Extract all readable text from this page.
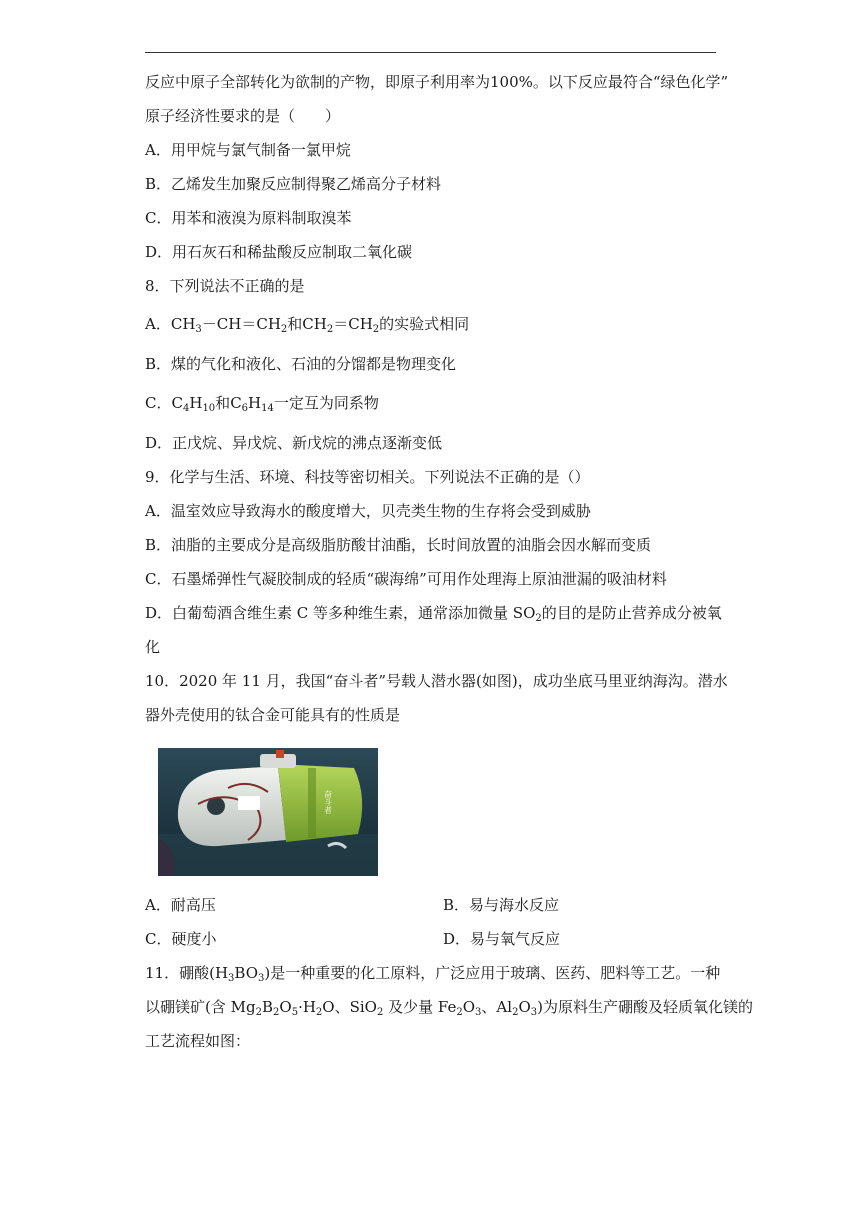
反应中原子全部转化为欲制的产物，即原子利用率为100%。以下反应最符合“绿色化学”
原子经济性要求的是（　　）
A．用甲烷与氯气制备一氯甲烷
B．乙烯发生加聚反应制得聚乙烯高分子材料
C．用苯和液溴为原料制取溴苯
D．用石灰石和稀盐酸反应制取二氧化碳
8．下列说法不正确的是
A．$CH_3-CH=CH_2$和$CH_2=CH_2$的实验式相同
B．煤的气化和液化、石油的分馏都是物理变化
C．$C_4H_{10}$和$C_6H_{14}$一定互为同系物
D．正戊烷、异戊烷、新戊烷的沸点逐渐变低
9．化学与生活、环境、科技等密切相关。下列说法不正确的是（）
A．温室效应导致海水的酸度增大，贝壳类生物的生存将会受到威胁
B．油脂的主要成分是高级脂肪酸甘油酯，长时间放置的油脂会因水解而变质
C．石墨烯弹性气凝胶制成的轻质“碳海绵”可用作处理海上原油泄漏的吸油材料
D．白葡萄酒含维生素 C 等多种维生素，通常添加微量 $SO_2$的目的是防止营养成分被氧
化
10．2020 年 11 月，我国“奋斗者”号载人潜水器(如图)，成功坐底马里亚纳海沟。潜水
器外壳使用的钛合金可能具有的性质是
奋斗者
A．耐高压	B．易与海水反应
C．硬度小	D．易与氧气反应
11．硼酸$(H_3BO_3)$是一种重要的化工原料，广泛应用于玻璃、医药、肥料等工艺。一种
以硼镁矿(含 $Mg_2B_2O_5\cdot H_2O$、SiO$_2$ 及少量 $Fe_2O_3$、$Al_2O_3$)为原料生产硼酸及轻质氧化镁的
工艺流程如图：
